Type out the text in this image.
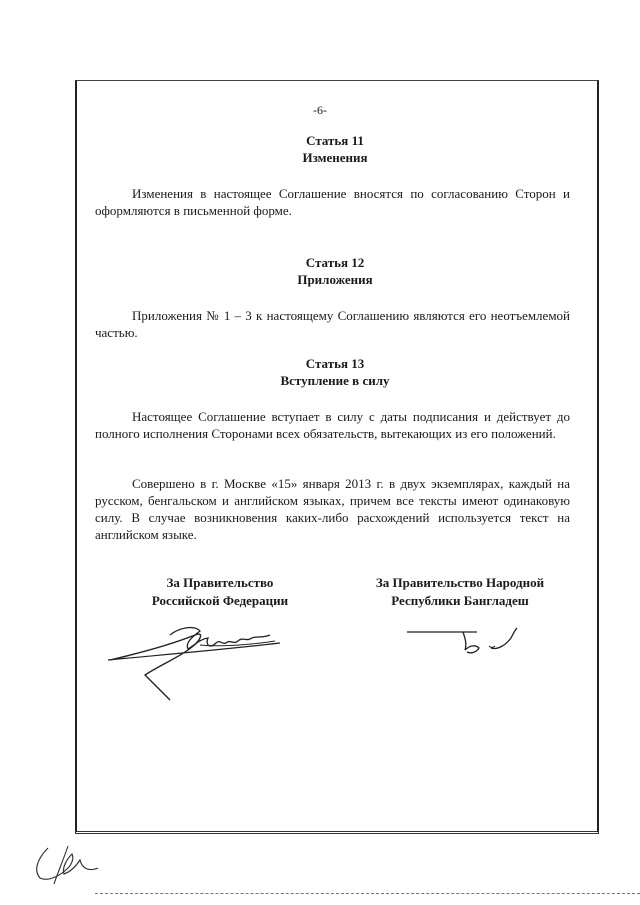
-6-
Статья 11
Изменения

Изменения в настоящее Соглашение вносятся по согласованию Сторон и оформляются в письменной форме.

Статья 12
Приложения

Приложения № 1 – 3 к настоящему Соглашению являются его неотъемлемой частью.

Статья 13
Вступление в силу

Настоящее Соглашение вступает в силу с даты подписания и действует до полного исполнения Сторонами всех обязательств, вытекающих из его положений.

Совершено в г. Москве «15» января 2013 г. в двух экземплярах, каждый на русском, бенгальском и английском языках, причем все тексты имеют одинаковую силу. В случае возникновения каких-либо расхождений используется текст на английском языке.

За Правительство
Российской Федерации
За Правительство Народной
Республики Бангладеш
